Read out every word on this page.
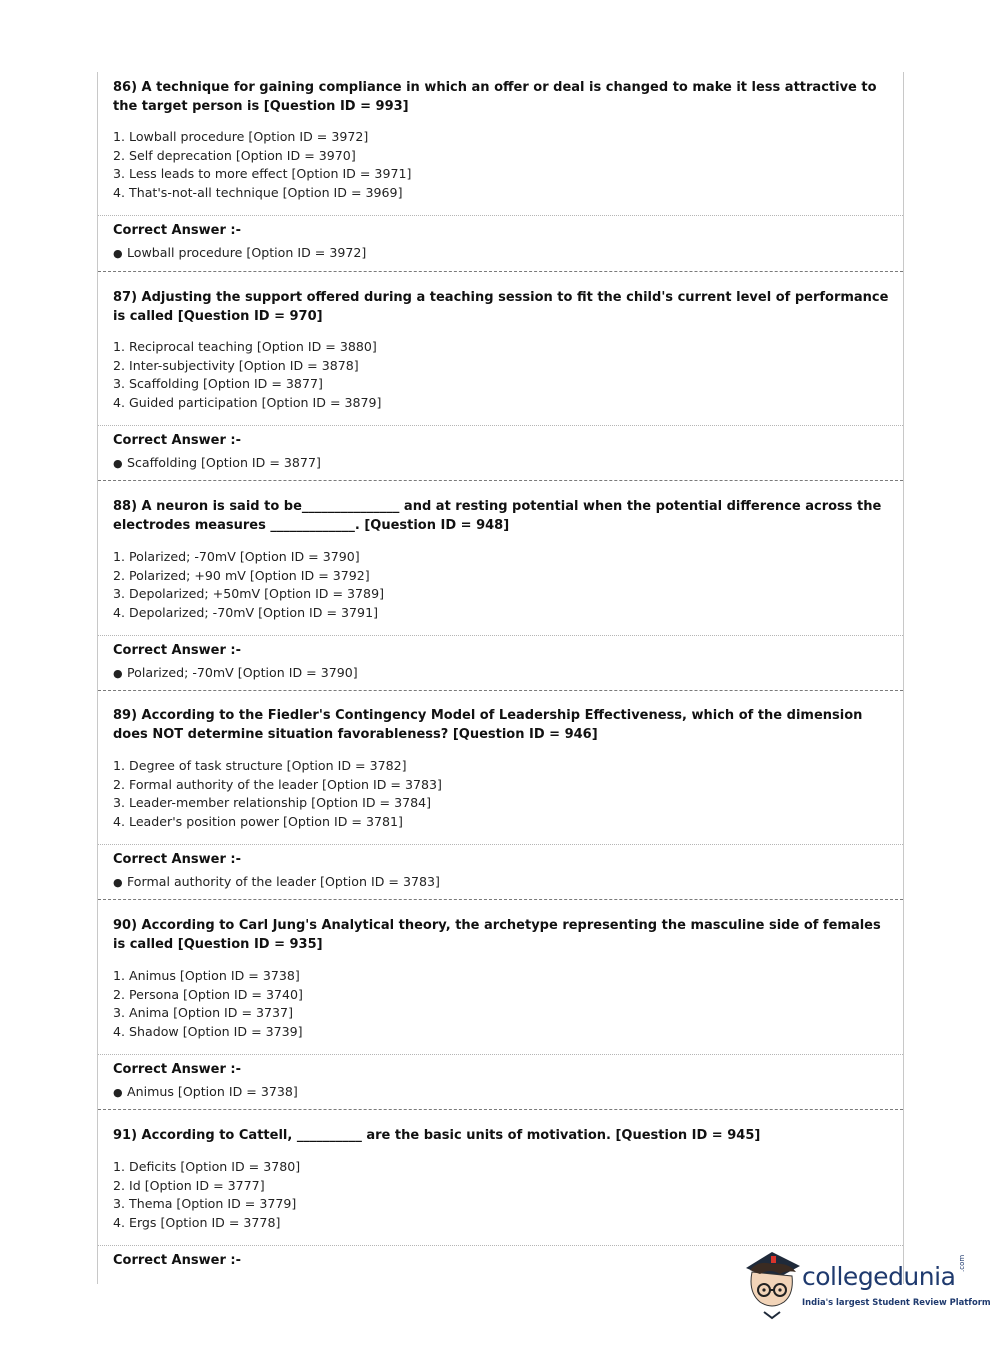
86) A technique for gaining compliance in which an offer or deal is changed to make it less attractive to the target person is [Question ID = 993]
1. Lowball procedure [Option ID = 3972]
2. Self deprecation [Option ID = 3970]
3. Less leads to more effect [Option ID = 3971]
4. That's-not-all technique [Option ID = 3969]
Correct Answer :-
● Lowball procedure [Option ID = 3972]
87) Adjusting the support offered during a teaching session to fit the child's current level of performance is called [Question ID = 970]
1. Reciprocal teaching [Option ID = 3880]
2. Inter-subjectivity [Option ID = 3878]
3. Scaffolding [Option ID = 3877]
4. Guided participation [Option ID = 3879]
Correct Answer :-
● Scaffolding [Option ID = 3877]
88) A neuron is said to be_______________ and at resting potential when the potential difference across the electrodes measures _____________. [Question ID = 948]
1. Polarized; -70mV [Option ID = 3790]
2. Polarized; +90 mV [Option ID = 3792]
3. Depolarized; +50mV [Option ID = 3789]
4. Depolarized; -70mV [Option ID = 3791]
Correct Answer :-
● Polarized; -70mV [Option ID = 3790]
89) According to the Fiedler's Contingency Model of Leadership Effectiveness, which of the dimension does NOT determine situation favorableness? [Question ID = 946]
1. Degree of task structure [Option ID = 3782]
2. Formal authority of the leader [Option ID = 3783]
3. Leader-member relationship [Option ID = 3784]
4. Leader's position power [Option ID = 3781]
Correct Answer :-
● Formal authority of the leader [Option ID = 3783]
90) According to Carl Jung's Analytical theory, the archetype representing the masculine side of females is called [Question ID = 935]
1. Animus [Option ID = 3738]
2. Persona [Option ID = 3740]
3. Anima [Option ID = 3737]
4. Shadow [Option ID = 3739]
Correct Answer :-
● Animus [Option ID = 3738]
91) According to Cattell, __________ are the basic units of motivation. [Question ID = 945]
1. Deficits [Option ID = 3780]
2. Id [Option ID = 3777]
3. Thema [Option ID = 3779]
4. Ergs [Option ID = 3778]
Correct Answer :-
collegedunia .com
India's largest Student Review Platform
